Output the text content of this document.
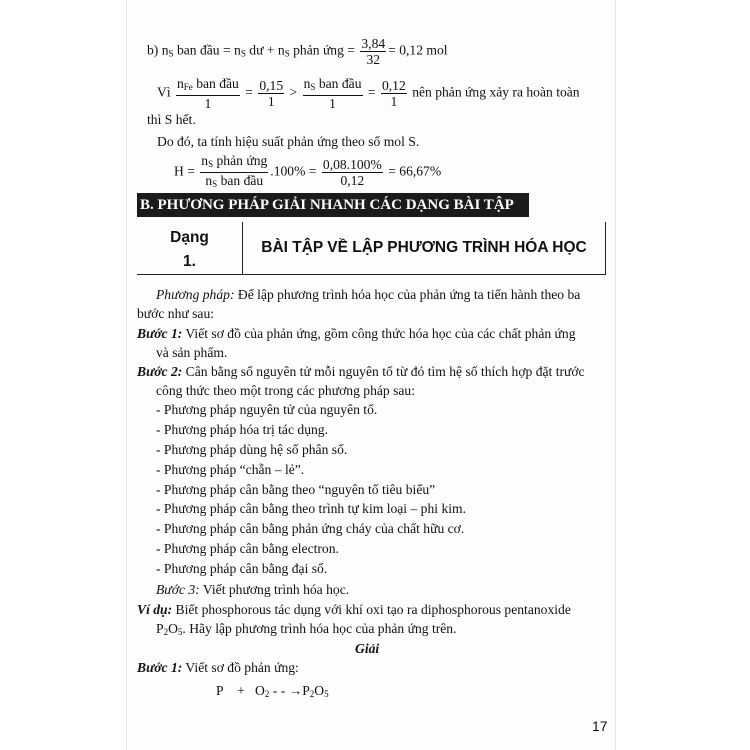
b) $n_S$ ban đầu = $n_S$ dư + $n_S$ phản ứng = $\frac{3,84}{32} = 0,12$ mol
Vì $\frac{n_{Fe} ban đầu}{1} = \frac{0,15}{1} > \frac{n_S ban đầu}{1} = \frac{0,12}{1}$ nên phản ứng xảy ra hoàn toàn
thì S hết.
Do đó, ta tính hiệu suất phản ứng theo số mol S.
$H = \frac{n_S phản ứng}{n_S ban đầu} .100\% = \frac{0,08.100\%}{0,12} = 66,67\%$
B. PHƯƠNG PHÁP GIẢI NHANH CÁC DẠNG BÀI TẬP
Dạng
1.
BÀI TẬP VỀ LẬP PHƯƠNG TRÌNH HÓA HỌC
Phương pháp: Để lập phương trình hóa học của phản ứng ta tiến hành theo ba
bước như sau:
Bước 1: Viết sơ đồ của phản ứng, gồm công thức hóa học của các chất phản ứng
và sản phẩm.
Bước 2: Cân bằng số nguyên tử mỗi nguyên tố từ đó tìm hệ số thích hợp đặt trước
công thức theo một trong các phương pháp sau:
- Phương pháp nguyên tử của nguyên tố.
- Phương pháp hóa trị tác dụng.
- Phương pháp dùng hệ số phân số.
- Phương pháp “chẵn – lẻ”.
- Phương pháp cân bằng theo “nguyên tố tiêu biểu”
- Phương pháp cân bằng theo trình tự kim loại – phi kim.
- Phương pháp cân bằng phản ứng cháy của chất hữu cơ.
- Phương pháp cân bằng electron.
- Phương pháp cân bằng đại số.
Bước 3: Viết phương trình hóa học.
Ví dụ: Biết phosphorous tác dụng với khí oxi tạo ra diphosphorous pentanoxide
$P_2O_5$. Hãy lập phương trình hóa học của phản ứng trên.
Giải
Bước 1: Viết sơ đồ phản ứng:
$P + O_2$ - - $\to P_2O_5$
17
